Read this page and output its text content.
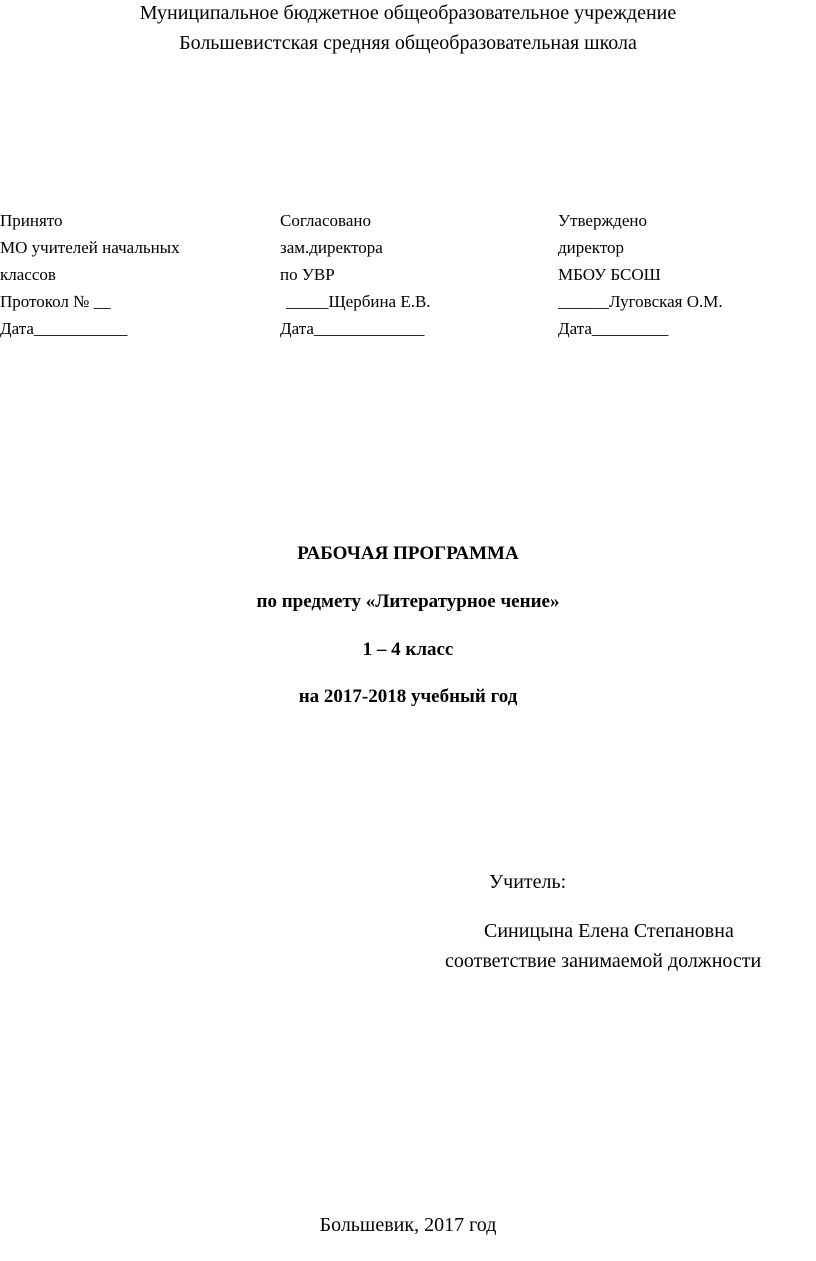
Муниципальное бюджетное общеобразовательное учреждение
Большевистская средняя общеобразовательная школа
Принято
МО учителей начальных
классов
Протокол № __
Дата___________
Согласовано
зам.директора
по УВР
_____Щербина Е.В.
Дата_____________
Утверждено
директор
МБОУ БСОШ
______Луговская О.М.
Дата_________
РАБОЧАЯ ПРОГРАММА
по предмету «Литературное чение»
1 – 4 класс
на 2017-2018 учебный год
Учитель:
Синицына Елена Степановна
соответствие занимаемой должности
Большевик, 2017 год
